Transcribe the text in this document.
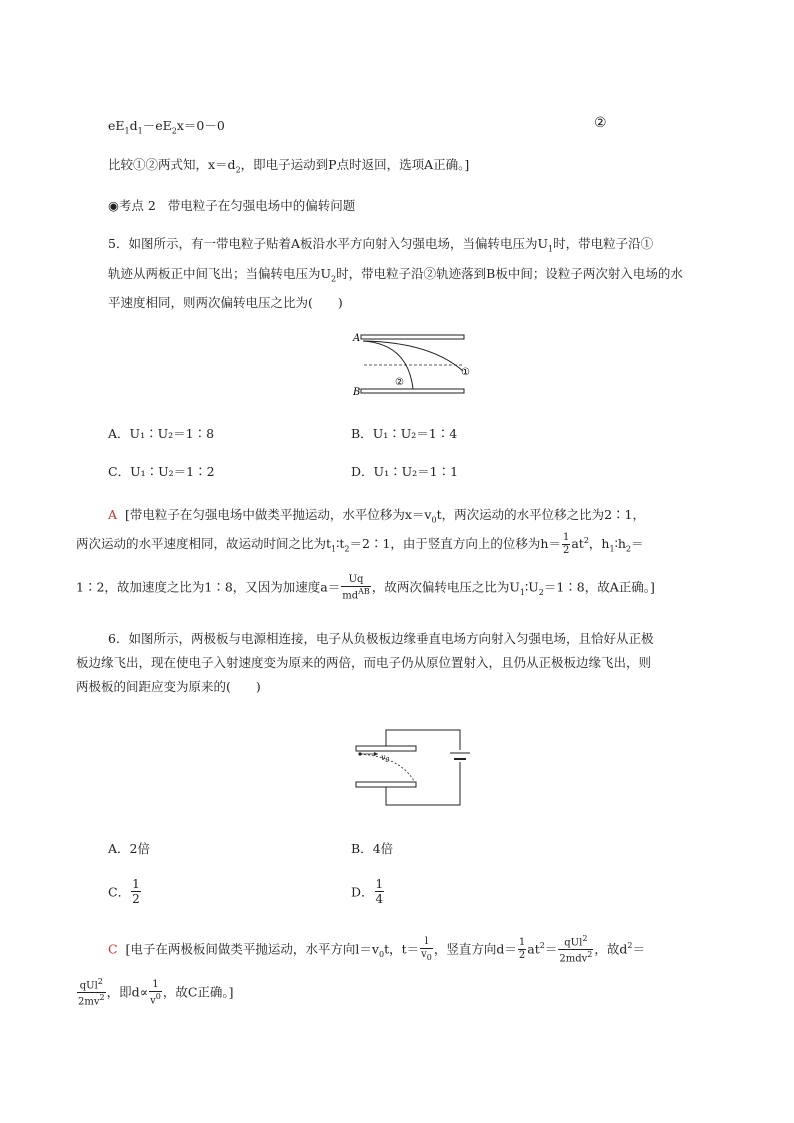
$eE_1d_1-eE_2x=0-0$	②
比较①②两式知，$x=d_2$，即电子运动到P点时返回，选项A正确。]
◉考点 2 带电粒子在匀强电场中的偏转问题
5．如图所示，有一带电粒子贴着A板沿水平方向射入匀强电场，当偏转电压为$U_1$时，带电粒子沿①
轨迹从两板正中间飞出；当偏转电压为$U_2$时，带电粒子沿②轨迹落到B板中间；设粒子两次射入电场的水
平速度相同，则两次偏转电压之比为(　　)
A
B
①
②
A．U₁∶U₂＝1∶8	B．U₁∶U₂＝1∶4
C．U₁∶U₂＝1∶2	D．U₁∶U₂＝1∶1
A [带电粒子在匀强电场中做类平抛运动，水平位移为$x=v_0t$，两次运动的水平位移之比为2∶1，
两次运动的水平速度相同，故运动时间之比为$t_1∶t_2=2∶1$，由于竖直方向上的位移为$h= \frac{1}{2} at^2$，$h_1∶h_2=$
1∶2，故加速度之比为1∶8，又因为加速度$a= \frac{Uq}{md^{AB}}$ ，故两次偏转电压之比为$U_1∶U_2=1∶8$，故A正确。]
6．如图所示，两极板与电源相连接，电子从负极板边缘垂直电场方向射入匀强电场，且恰好从正极
板边缘飞出，现在使电子入射速度变为原来的两倍，而电子仍从原位置射入，且仍从正极板边缘飞出，则
两极板的间距应变为原来的(　　)
$v_0$
A．2倍	B．4倍
C． $\frac{1}{2}$	D． $\frac{1}{4}$
C [电子在两极板间做类平抛运动，水平方向$l=v_0t$，$t= \frac{l}{v_0}$ ，竖直方向$d= \frac{1}{2} at^2= \frac{qUl^2}{2mdv^2}$ ，故$d^2=$
$\frac{qUl^2}{2mv^2}$ ，即$d\propto \frac{1}{v^0}$ ，故C正确。]
